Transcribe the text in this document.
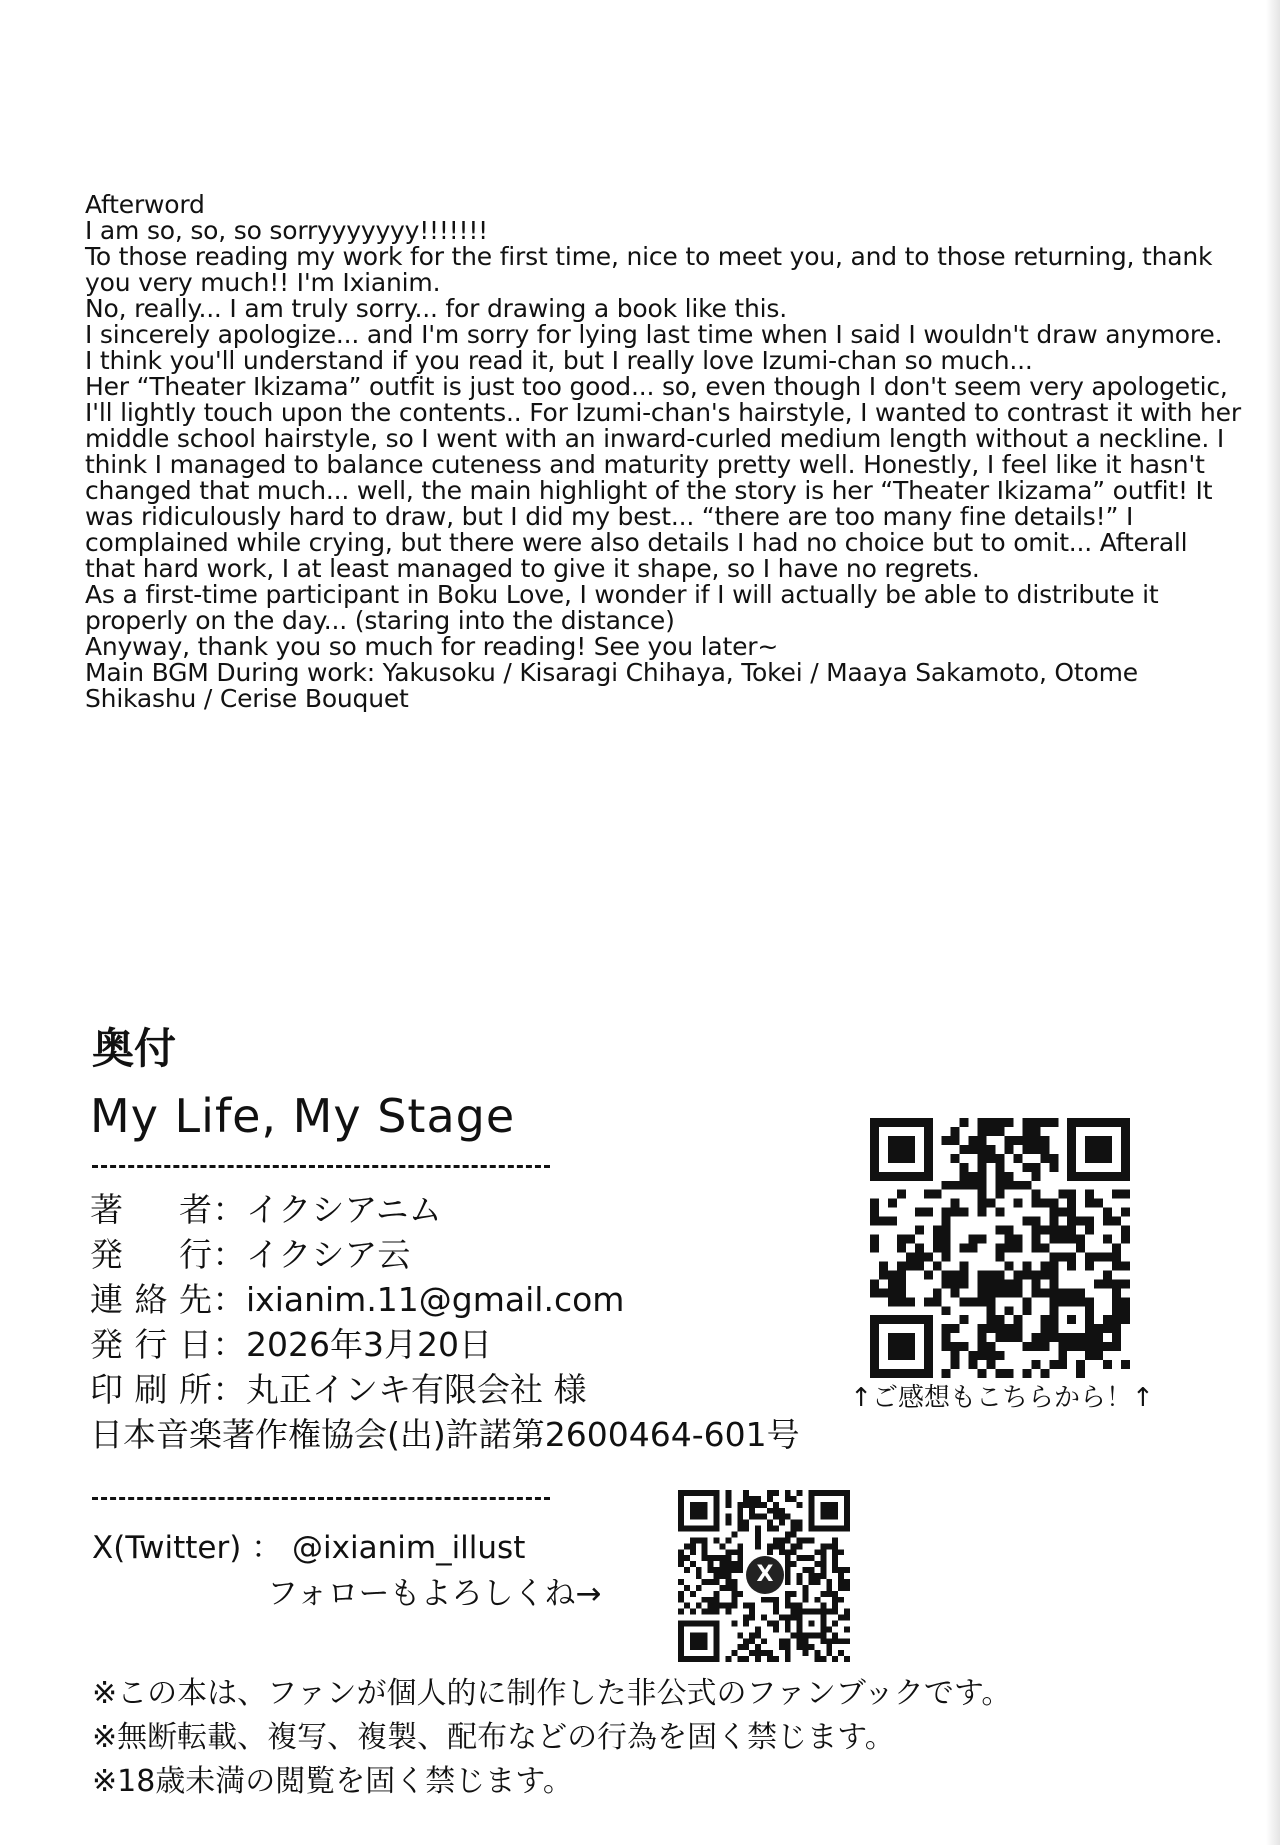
Afterword
I am so, so, so sorryyyyyyy!!!!!!!
To those reading my work for the first time, nice to meet you, and to those returning, thank you very much!! I'm Ixianim.
No, really... I am truly sorry... for drawing a book like this.
I sincerely apologize... and I'm sorry for lying last time when I said I wouldn't draw anymore.
I think you'll understand if you read it, but I really love Izumi-chan so much...
Her “Theater Ikizama” outfit is just too good... so, even though I don't seem very apologetic, I'll lightly touch upon the contents.. For Izumi-chan's hairstyle, I wanted to contrast it with her middle school hairstyle, so I went with an inward-curled medium length without a neckline. I think I managed to balance cuteness and maturity pretty well. Honestly, I feel like it hasn't changed that much... well, the main highlight of the story is her “Theater Ikizama” outfit! It was ridiculously hard to draw, but I did my best... “there are too many fine details!” I complained while crying, but there were also details I had no choice but to omit... Afterall that hard work, I at least managed to give it shape, so I have no regrets.
As a first-time participant in Boku Love, I wonder if I will actually be able to distribute it properly on the day... (staring into the distance)
Anyway, thank you so much for reading! See you later~
Main BGM During work: Yakusoku / Kisaragi Chihaya, Tokei / Maaya Sakamoto, Otome Shikashu / Cerise Bouquet
奥付
My Life, My Stage
著　者 ： イクシアニム
発　行 ： イクシア云
連絡先 ： ixianim.11@gmail.com
発行日 ： 2026年3月20日
印刷所 ： 丸正インキ有限会社 様
日本音楽著作権協会(出)許諾第2600464-601号
X(Twitter) ： @ixianim_illust
フォローもよろしくね→
↑ご感想もこちらから！↑
X
※この本は、ファンが個人的に制作した非公式のファンブックです。
※無断転載、複写、複製、配布などの行為を固く禁じます。
※18歳未満の閲覧を固く禁じます。
